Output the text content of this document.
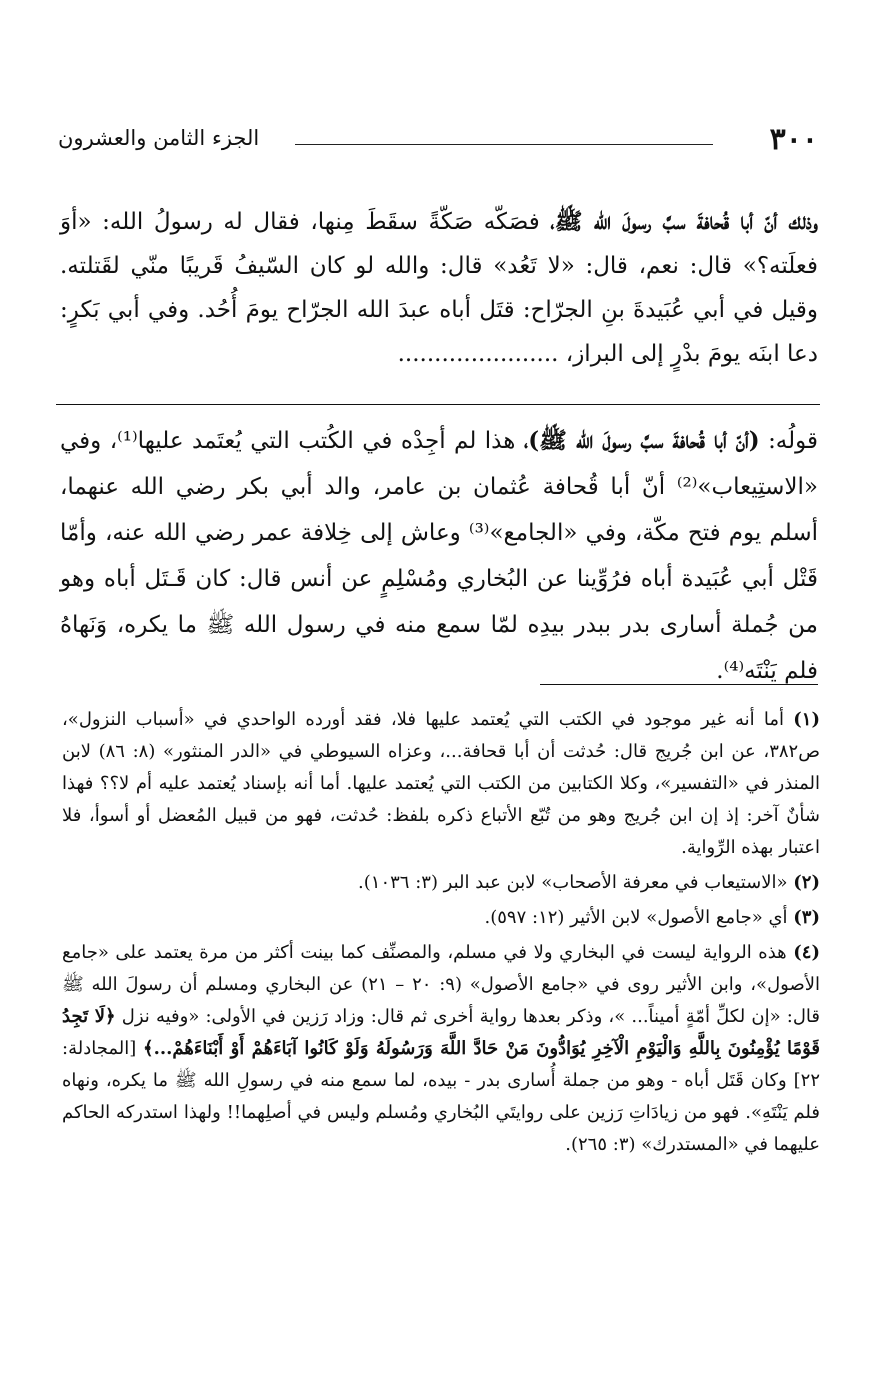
٣٠٠
الجزء الثامن والعشرون

وذلك أنّ أبا قُحافةَ سبَّ رسولَ الله ﷺ، فصَكّه صَكّةً سقَطَ مِنها، فقال له رسولُ الله: «أوَ فعلَته؟» قال: نعم، قال: «لا تَعُد» قال: والله لو كان السّيفُ قَريبًا منّي لقَتلته. وقيل في أبي عُبَيدةَ بنِ الجرّاح: قتَل أباه عبدَ الله الجرّاح يومَ أُحُد. وفي أبي بَكرٍ: دعا ابنَه يومَ بدْرٍ إلى البراز، ......................

قولُه: (أنّ أبا قُحافةَ سبَّ رسولَ الله ﷺ)، هذا لم أجِدْه في الكُتب التي يُعتَمد عليها⁽¹⁾، وفي «الاستِيعاب»⁽²⁾ أنّ أبا قُحافة عُثمان بن عامر، والد أبي بكر رضي الله عنهما، أسلم يوم فتح مكّة، وفي «الجامع»⁽³⁾ وعاش إلى خِلافة عمر رضي الله عنه، وأمّا قَتْل أبي عُبَيدة أباه فرُوِّينا عن البُخاري ومُسْلِمٍ عن أنس قال: كان قَـتَل أباه وهو من جُملة أسارى بدر ببدر بيدِه لمّا سمع منه في رسول الله ﷺ ما يكره، وَنَهاهُ فلم يَنْتَه⁽⁴⁾.

(١) أما أنه غير موجود في الكتب التي يُعتمد عليها فلا، فقد أورده الواحدي في «أسباب النزول»، ص٣٨٢، عن ابن جُريج قال: حُدثت أن أبا قحافة...، وعزاه السيوطي في «الدر المنثور» (٨: ٨٦) لابن المنذر في «التفسير»، وكلا الكتابين من الكتب التي يُعتمد عليها. أما أنه بإسناد يُعتمد عليه أم لا؟؟ فهذا شأنٌ آخر: إذ إن ابن جُريج وهو من تُبّع الأتباع ذكره بلفظ: حُدثت، فهو من قبيل المُعضل أو أسوأ، فلا اعتبار بهذه الرِّواية.

(٢) «الاستيعاب في معرفة الأصحاب» لابن عبد البر (٣: ١٠٣٦).

(٣) أي «جامع الأصول» لابن الأثير (١٢: ٥٩٧).

(٤) هذه الرواية ليست في البخاري ولا في مسلم، والمصنِّف كما بينت أكثر من مرة يعتمد على «جامع الأصول»، وابن الأثير روى في «جامع الأصول» (٩: ٢٠ – ٢١) عن البخاري ومسلم أن رسولَ الله ﷺ قال: «إن لكلِّ أمّةٍ أميناً... »، وذكر بعدها رواية أخرى ثم قال: وزاد رَزين في الأولى: «وفيه نزل ﴿لَا تَجِدُ قَوْمًا يُؤْمِنُونَ بِاللَّهِ وَالْيَوْمِ الْآخِرِ يُوَادُّونَ مَنْ حَادَّ اللَّهَ وَرَسُولَهُ وَلَوْ كَانُوا آبَاءَهُمْ أَوْ أَبْنَاءَهُمْ...﴾ [المجادلة: ٢٢] وكان قَتَل أباه - وهو من جملة أُسارى بدر - بيده، لما سمع منه في رسولِ الله ﷺ ما يكره، ونهاه فلم يَنْتَهِ». فهو من زيادَاتِ رَزين على روايتَي البُخاري ومُسلم وليس في أصلِهما!! ولهذا استدركه الحاكم عليهما في «المستدرك» (٣: ٢٦٥).
